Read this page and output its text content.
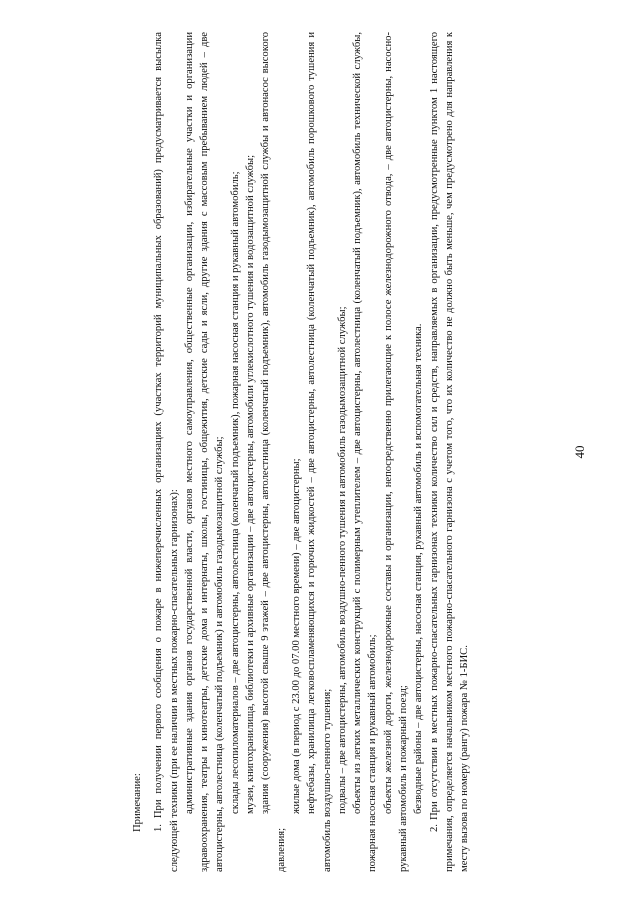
40

Примечание: 1. При получении первого сообщения о пожаре в нижеперечисленных организациях (участках территорий муниципальных образований) предусматривается высылка следующей техники (при ее наличии в местных пожарно-спасательных гарнизонах): административные здания органов государственной власти, органов местного самоуправления, общественные организации, избирательные участки и организации здравоохранения, театры и кинотеатры, детские дома и интернаты, школы, гостиницы, общежития, детские сады и ясли, другие здания с массовым пребыванием людей – две автоцистерны, автолестница (коленчатый подъемник) и автомобиль газодымозащитной службы; склады лесопиломатериалов – две автоцистерны, автолестница (коленчатый подъемник), пожарная насосная станция и рукавный автомобиль; музеи, книгохранилища, библиотеки и архивные организации – две автоцистерны, автомобили углекислотного тушения и водозащитной службы; здания (сооружения) высотой свыше 9 этажей – две автоцистерны, автолестница (коленчатый подъемник), автомобиль газодымозащитной службы и автонасос высокого давления;

жилые дома (в период с 23.00 до 07.00 местного времени) – две автоцистерны; нефтебазы, хранилища легковоспламеняющихся и горючих жидкостей – две автоцистерны, автолестница (коленчатый подъемник), автомобиль порошкового тушения и автомобиль воздушно-пенного тушения; подвалы – две автоцистерны, автомобиль воздушно-пенного тушения и автомобиль газодымозащитной службы; объекты из легких металлических конструкций с полимерным утеплителем – две автоцистерны, автолестница (коленчатый подъемник), автомобиль технической службы, пожарная насосная станция и рукавный автомобиль; объекты железной дороги, железнодорожные составы и организации, непосредственно прилегающие к полосе железнодорожного отвода, – две автоцистерны, насосно-рукавный автомобиль и пожарный поезд; безводные районы – две автоцистерны, насосная станция, рукавный автомобиль и вспомогательная техника. 2. При отсутствии в местных пожарно-спасательных гарнизонах техники количество сил и средств, направляемых в организации, предусмотренные пунктом 1 настоящего примечания, определяется начальником местного пожарно-спасательного гарнизона с учетом того, что их количество не должно быть меньше, чем предусмотрено для направления к месту вызова по номеру (рангу) пожара № 1-БИС.
